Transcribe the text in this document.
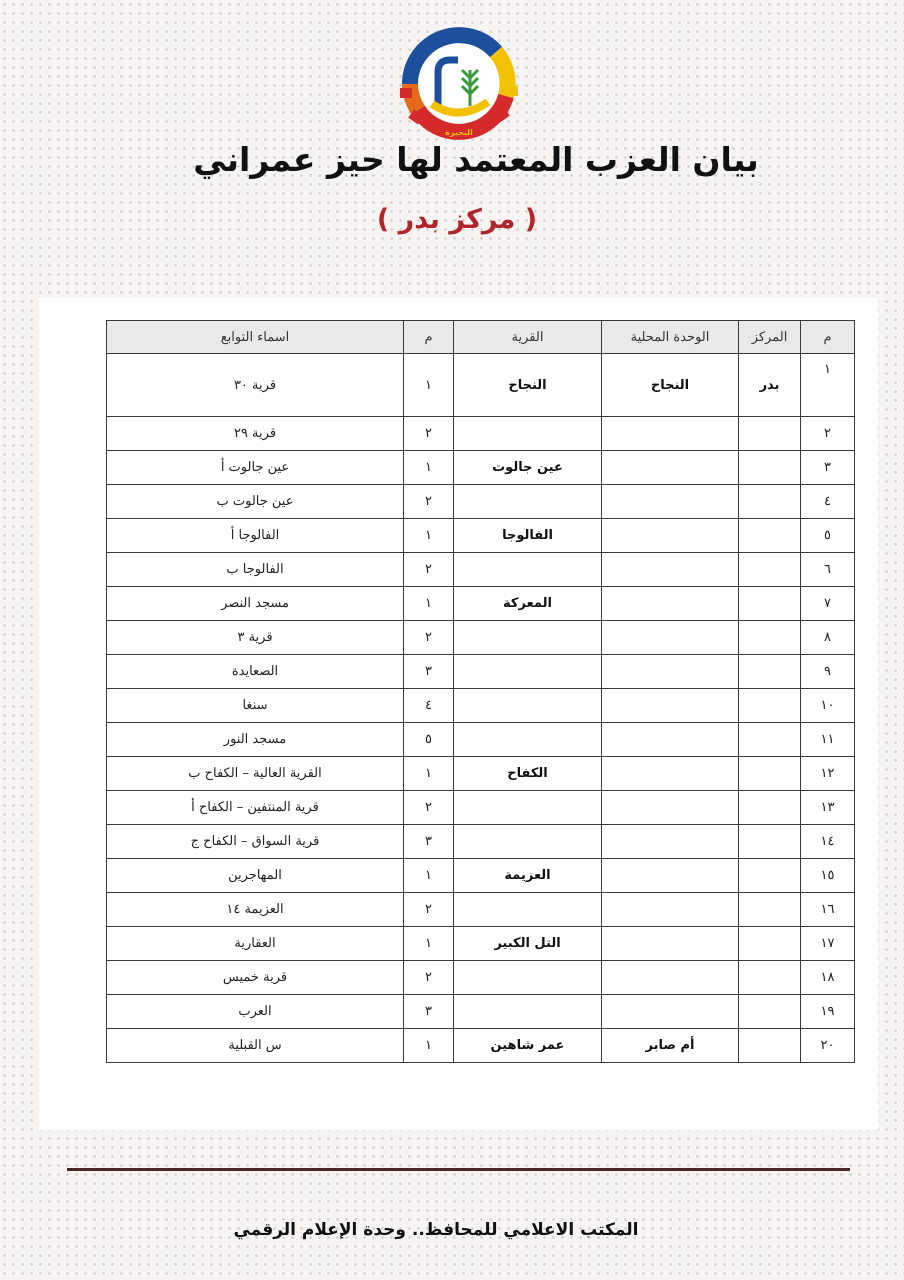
البحيرة
بيان العزب المعتمد لها حيز عمراني
( مركز بدر )
م	المركز	الوحدة المحلية	القرية	م	اسماء التوابع
١	بدر	النجاح	النجاح	١	قرية ٣٠
٢				٢	قرية ٢٩
٣			عين جالوت	١	عين جالوت أ
٤				٢	عين جالوت ب
٥			الفالوجا	١	الفالوجا أ
٦				٢	الفالوجا ب
٧			المعركة	١	مسجد النصر
٨				٢	قرية ٣
٩				٣	الصعايدة
١٠				٤	سنغا
١١				٥	مسجد النور
١٢			الكفاح	١	القرية العالية – الكفاح ب
١٣				٢	قرية المنتفين – الكفاح أ
١٤				٣	قرية السواق – الكفاح ج
١٥			العزيمة	١	المهاجرين
١٦				٢	العزيمة ١٤
١٧			التل الكبير	١	العقارية
١٨				٢	قرية خميس
١٩				٣	العرب
٢٠		أم صابر	عمر شاهين	١	س القبلية

المكتب الاعلامي للمحافظ.. وحدة الإعلام الرقمي
